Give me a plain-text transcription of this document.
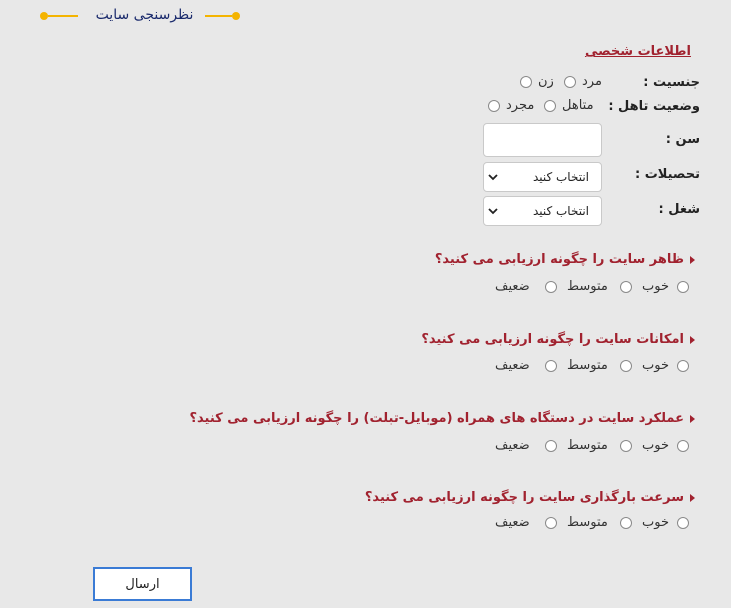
نظرسنجی سایت
اطلاعات شخصی
جنسیت :
مرد
زن
وضعیت تاهل :
متاهل
مجرد
سن :
تحصیلات :
انتخاب کنید
شغل :
انتخاب کنید
ظاهر سایت را چگونه ارزیابی می کنید؟
خوب
متوسط
ضعیف
امکانات سایت را چگونه ارزیابی می کنید؟
خوب
متوسط
ضعیف
عملکرد سایت در دستگاه های همراه (موبایل-تبلت) را چگونه ارزیابی می کنید؟
خوب
متوسط
ضعیف
سرعت بارگذاری سایت را چگونه ارزیابی می کنید؟
خوب
متوسط
ضعیف
ارسال
